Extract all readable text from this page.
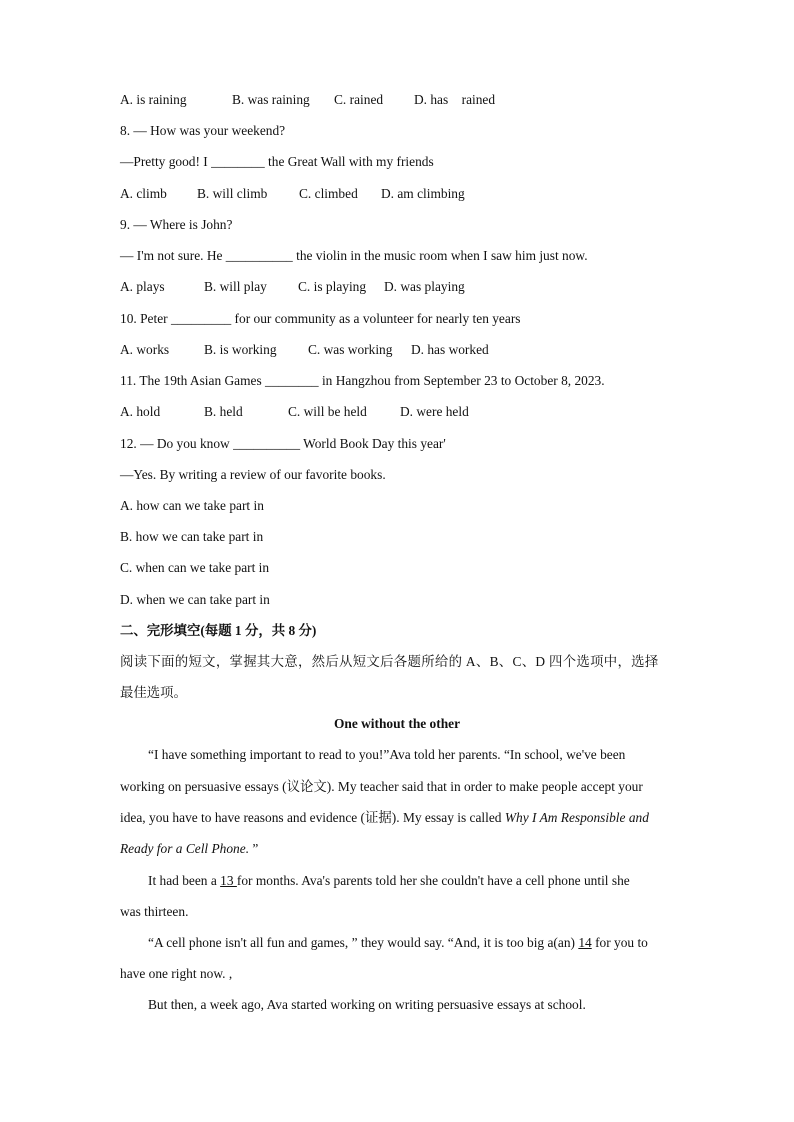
A. is raining	B. was raining C. rained D. has    rained
8. — How was your weekend?
—Pretty good! I ________ the Great Wall with my friends
A. climb B. will climb C. climbed D. am climbing
9. — Where is John?
— I'm not sure. He __________ the violin in the music room when I saw him just now.
A. plays	B. will play C. is playing D. was playing
10. Peter _________ for our community as a volunteer for nearly ten years
A. works	B. is working C. was working D. has worked
11. The 19th Asian Games ________ in Hangzhou from September 23 to October 8, 2023.
A. hold	B. held	C. will be held D. were held
12. — Do you know __________ World Book Day this year'
—Yes. By writing a review of our favorite books.
A. how can we take part in
B. how we can take part in
C. when can we take part in
D. when we can take part in
二、完形填空(每题 1 分，共 8 分)
阅读下面的短文，掌握其大意，然后从短文后各题所给的 A、B、C、D 四个选项中，选择
最佳选项。
One without the other
“I have something important to read to you!”Ava told her parents. “In school, we've been
working on persuasive essays (议论文). My teacher said that in order to make people accept your
idea, you have to have reasons and evidence (证据). My essay is called Why I Am Responsible and
Ready for a Cell Phone. ”
It had been a 13 for months. Ava's parents told her she couldn't have a cell phone until she
was thirteen.
“A cell phone isn't all fun and games, ” they would say. “And, it is too big a(an) 14 for you to
have one right now. ,
But then, a week ago, Ava started working on writing persuasive essays at school.
